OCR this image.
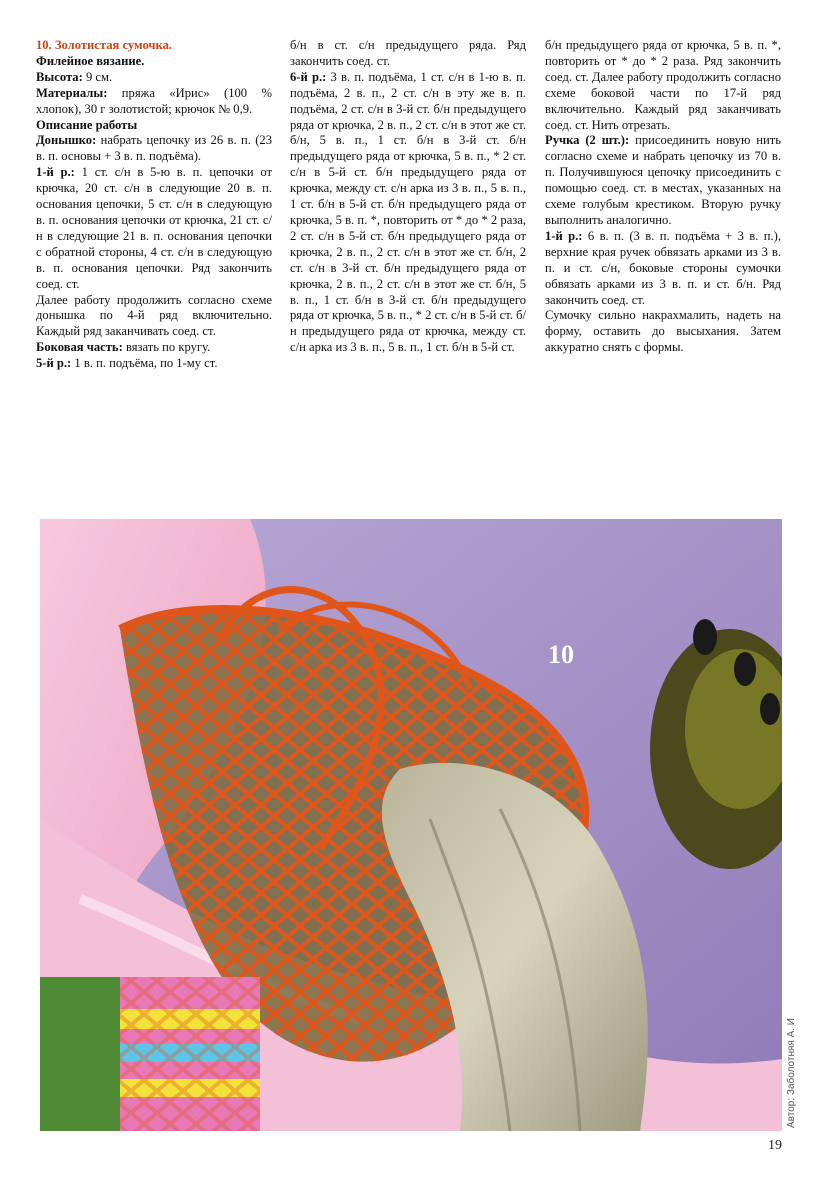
10. Золотистая сумочка.

Филейное вязание.

Высота: 9 см.

Материалы: пряжа «Ирис» (100 % хлопок), 30 г золотистой; крючок № 0,9.

Описание работы

Донышко: набрать цепочку из 26 в. п. (23 в. п. основы + 3 в. п. подъёма).

1-й р.: 1 ст. с/н в 5-ю в. п. цепочки от крючка, 20 ст. с/н в следующие 20 в. п. основания цепочки, 5 ст. с/н в следующую в. п. основания цепочки от крючка, 21 ст. с/н в следующие 21 в. п. основания цепочки с обратной стороны, 4 ст. с/н в следующую в. п. основания цепочки. Ряд закончить соед. ст.

Далее работу продолжить согласно схеме донышка по 4-й ряд включительно. Каждый ряд заканчивать соед. ст.

Боковая часть: вязать по кругу.

5-й р.: 1 в. п. подъёма, по 1-му ст.

б/н в ст. с/н предыдущего ряда. Ряд закончить соед. ст.

6-й р.: 3 в. п. подъёма, 1 ст. с/н в 1-ю в. п. подъёма, 2 в. п., 2 ст. с/н в эту же в. п. подъёма, 2 ст. с/н в 3-й ст. б/н предыдущего ряда от крючка, 2 в. п., 2 ст. с/н в этот же ст. б/н, 5 в. п., 1 ст. б/н в 3-й ст. б/н предыдущего ряда от крючка, 5 в. п., * 2 ст. с/н в 5-й ст. б/н предыдущего ряда от крючка, между ст. с/н арка из 3 в. п., 5 в. п., 1 ст. б/н в 5-й ст. б/н предыдущего ряда от крючка, 5 в. п. *, повторить от * до * 2 раза, 2 ст. с/н в 5-й ст. б/н предыдущего ряда от крючка, 2 в. п., 2 ст. с/н в этот же ст. б/н, 2 ст. с/н в 3-й ст. б/н предыдущего ряда от крючка, 2 в. п., 2 ст. с/н в этот же ст. б/н, 5 в. п., 1 ст. б/н в 3-й ст. б/н предыдущего ряда от крючка, 5 в. п., * 2 ст. с/н в 5-й ст. б/н предыдущего ряда от крючка, между ст. с/н арка из 3 в. п., 5 в. п., 1 ст. б/н в 5-й ст.

б/н предыдущего ряда от крючка, 5 в. п. *, повторить от * до * 2 раза. Ряд закончить соед. ст. Далее работу продолжить согласно схеме боковой части по 17-й ряд включительно. Каждый ряд заканчивать соед. ст. Нить отрезать.

Ручка (2 шт.): присоединить новую нить согласно схеме и набрать цепочку из 70 в. п. Получившуюся цепочку присоединить с помощью соед. ст. в местах, указанных на схеме голубым крестиком. Вторую ручку выполнить аналогично.

1-й р.: 6 в. п. (3 в. п. подъёма + 3 в. п.), верхние края ручек обвязать арками из 3 в. п. и ст. с/н, боковые стороны сумочки обвязать арками из 3 в. п. и ст. б/н. Ряд закончить соед. ст.

Сумочку сильно накрахмалить, надеть на форму, оставить до высыхания. Затем аккуратно снять с формы.

10
Автор: Заболотняя А. И
19
